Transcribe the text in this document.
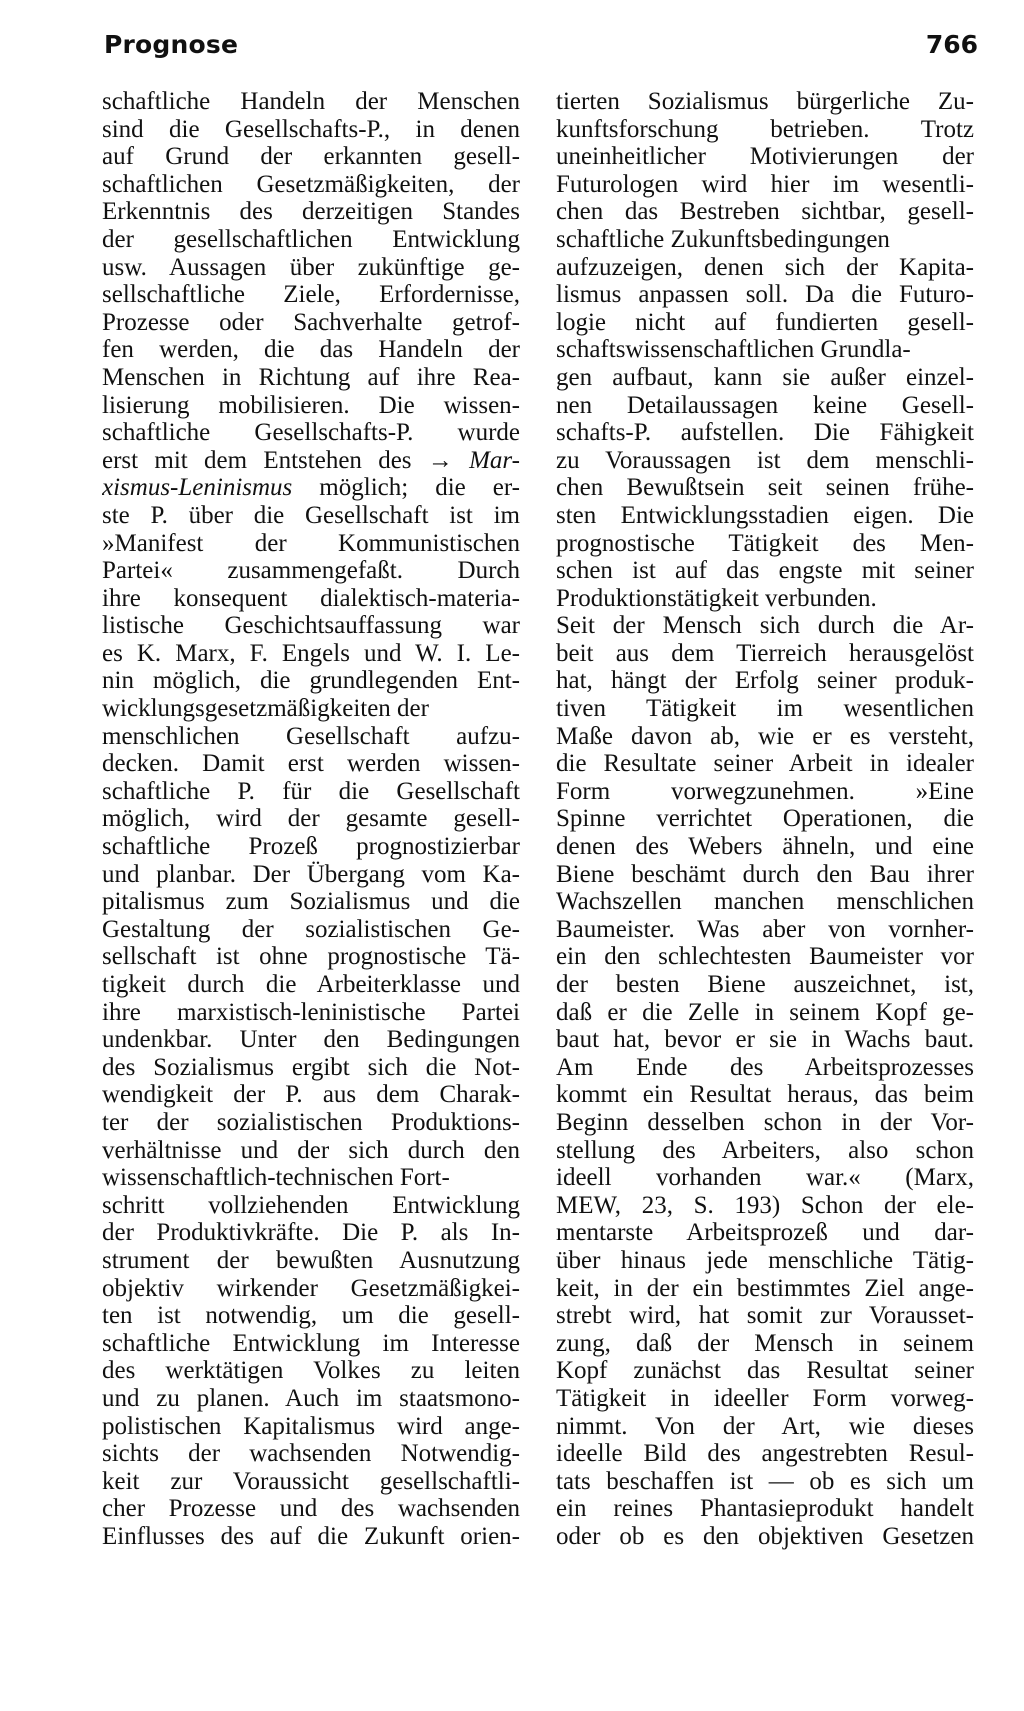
Prognose	766
schaftliche Handeln der Menschen
sind die Gesellschafts-P., in denen
auf Grund der erkannten gesell-
schaftlichen Gesetzmäßigkeiten, der
Erkenntnis des derzeitigen Standes
der gesellschaftlichen Entwicklung
usw. Aussagen über zukünftige ge-
sellschaftliche Ziele, Erfordernisse,
Prozesse oder Sachverhalte getrof-
fen werden, die das Handeln der
Menschen in Richtung auf ihre Rea-
lisierung mobilisieren. Die wissen-
schaftliche Gesellschafts-P. wurde
erst mit dem Entstehen des → Mar-
xismus-Leninismus möglich; die er-
ste P. über die Gesellschaft ist im
»Manifest der Kommunistischen
Partei« zusammengefaßt. Durch
ihre konsequent dialektisch-materia-
listische Geschichtsauffassung war
es K. Marx, F. Engels und W. I. Le-
nin möglich, die grundlegenden Ent-
wicklungsgesetzmäßigkeiten der
menschlichen Gesellschaft aufzu-
decken. Damit erst werden wissen-
schaftliche P. für die Gesellschaft
möglich, wird der gesamte gesell-
schaftliche Prozeß prognostizierbar
und planbar. Der Übergang vom Ka-
pitalismus zum Sozialismus und die
Gestaltung der sozialistischen Ge-
sellschaft ist ohne prognostische Tä-
tigkeit durch die Arbeiterklasse und
ihre marxistisch-leninistische Partei
undenkbar. Unter den Bedingungen
des Sozialismus ergibt sich die Not-
wendigkeit der P. aus dem Charak-
ter der sozialistischen Produktions-
verhältnisse und der sich durch den
wissenschaftlich-technischen Fort-
schritt vollziehenden Entwicklung
der Produktivkräfte. Die P. als In-
strument der bewußten Ausnutzung
objektiv wirkender Gesetzmäßigkei-
ten ist notwendig, um die gesell-
schaftliche Entwicklung im Interesse
des werktätigen Volkes zu leiten
und zu planen. Auch im staatsmono-
polistischen Kapitalismus wird ange-
sichts der wachsenden Notwendig-
keit zur Voraussicht gesellschaftli-
cher Prozesse und des wachsenden
Einflusses des auf die Zukunft orien-
tierten Sozialismus bürgerliche Zu-
kunftsforschung betrieben. Trotz
uneinheitlicher Motivierungen der
Futurologen wird hier im wesentli-
chen das Bestreben sichtbar, gesell-
schaftliche Zukunftsbedingungen
aufzuzeigen, denen sich der Kapita-
lismus anpassen soll. Da die Futuro-
logie nicht auf fundierten gesell-
schaftswissenschaftlichen Grundla-
gen aufbaut, kann sie außer einzel-
nen Detailaussagen keine Gesell-
schafts-P. aufstellen. Die Fähigkeit
zu Voraussagen ist dem menschli-
chen Bewußtsein seit seinen frühe-
sten Entwicklungsstadien eigen. Die
prognostische Tätigkeit des Men-
schen ist auf das engste mit seiner
Produktionstätigkeit verbunden.
Seit der Mensch sich durch die Ar-
beit aus dem Tierreich herausgelöst
hat, hängt der Erfolg seiner produk-
tiven Tätigkeit im wesentlichen
Maße davon ab, wie er es versteht,
die Resultate seiner Arbeit in idealer
Form vorwegzunehmen. »Eine
Spinne verrichtet Operationen, die
denen des Webers ähneln, und eine
Biene beschämt durch den Bau ihrer
Wachszellen manchen menschlichen
Baumeister. Was aber von vornher-
ein den schlechtesten Baumeister vor
der besten Biene auszeichnet, ist,
daß er die Zelle in seinem Kopf ge-
baut hat, bevor er sie in Wachs baut.
Am Ende des Arbeitsprozesses
kommt ein Resultat heraus, das beim
Beginn desselben schon in der Vor-
stellung des Arbeiters, also schon
ideell vorhanden war.« (Marx,
MEW, 23, S. 193) Schon der ele-
mentarste Arbeitsprozeß und dar-
über hinaus jede menschliche Tätig-
keit, in der ein bestimmtes Ziel ange-
strebt wird, hat somit zur Vorausset-
zung, daß der Mensch in seinem
Kopf zunächst das Resultat seiner
Tätigkeit in ideeller Form vorweg-
nimmt. Von der Art, wie dieses
ideelle Bild des angestrebten Resul-
tats beschaffen ist — ob es sich um
ein reines Phantasieprodukt handelt
oder ob es den objektiven Gesetzen
